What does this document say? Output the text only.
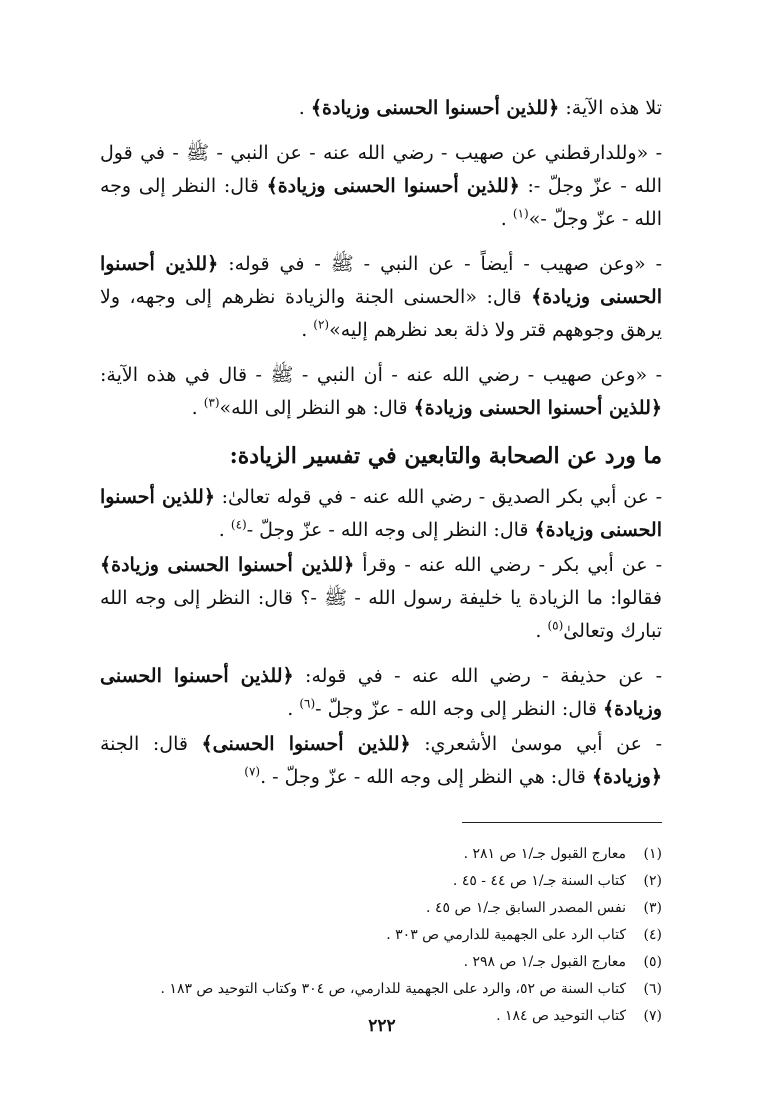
تلا هذه الآية: ﴿للذين أحسنوا الحسنى وزيادة﴾ .

- «وللدارقطني عن صهيب - رضي الله عنه - عن النبي - ﷺ - في قول الله - عزّ وجلّ -: ﴿للذين أحسنوا الحسنى وزيادة﴾ قال: النظر إلى وجه الله - عزّ وجلّ -»$^{(١)}$ .

- «وعن صهيب - أيضاً - عن النبي - ﷺ - في قوله: ﴿للذين أحسنوا الحسنى وزيادة﴾ قال: «الحسنى الجنة والزيادة نظرهم إلى وجهه، ولا يرهق وجوههم قتر ولا ذلة بعد نظرهم إليه»$^{(٢)}$ .

- «وعن صهيب - رضي الله عنه - أن النبي - ﷺ - قال في هذه الآية: ﴿للذين أحسنوا الحسنى وزيادة﴾ قال: هو النظر إلى الله»$^{(٣)}$ .

ما ورد عن الصحابة والتابعين في تفسير الزيادة:

- عن أبي بكر الصديق - رضي الله عنه - في قوله تعالىٰ: ﴿للذين أحسنوا الحسنى وزيادة﴾ قال: النظر إلى وجه الله - عزّ وجلّ -$^{(٤)}$ .

- عن أبي بكر - رضي الله عنه - وقرأ ﴿للذين أحسنوا الحسنى وزيادة﴾ فقالوا: ما الزيادة يا خليفة رسول الله - ﷺ -؟ قال: النظر إلى وجه الله تبارك وتعالىٰ$^{(٥)}$ .

- عن حذيفة - رضي الله عنه - في قوله: ﴿للذين أحسنوا الحسنى وزيادة﴾ قال: النظر إلى وجه الله - عزّ وجلّ -$^{(٦)}$ .

- عن أبي موسىٰ الأشعري: ﴿للذين أحسنوا الحسنى﴾ قال: الجنة ﴿وزيادة﴾ قال: هي النظر إلى وجه الله - عزّ وجلّ - .$^{(٧)}$

(١)
معارج القبول جـ/١ ص ٢٨١ .
(٢)
كتاب السنة جـ/١ ص ٤٤ - ٤٥ .
(٣)
نفس المصدر السابق جـ/١ ص ٤٥ .
(٤)
كتاب الرد على الجهمية للدارمي ص ٣٠٣ .
(٥)
معارج القبول جـ/١ ص ٢٩٨ .
(٦)
كتاب السنة ص ٥٢، والرد على الجهمية للدارمي، ص ٣٠٤ وكتاب التوحيد ص ١٨٣ .
(٧)
كتاب التوحيد ص ١٨٤ .
٢٢٢
